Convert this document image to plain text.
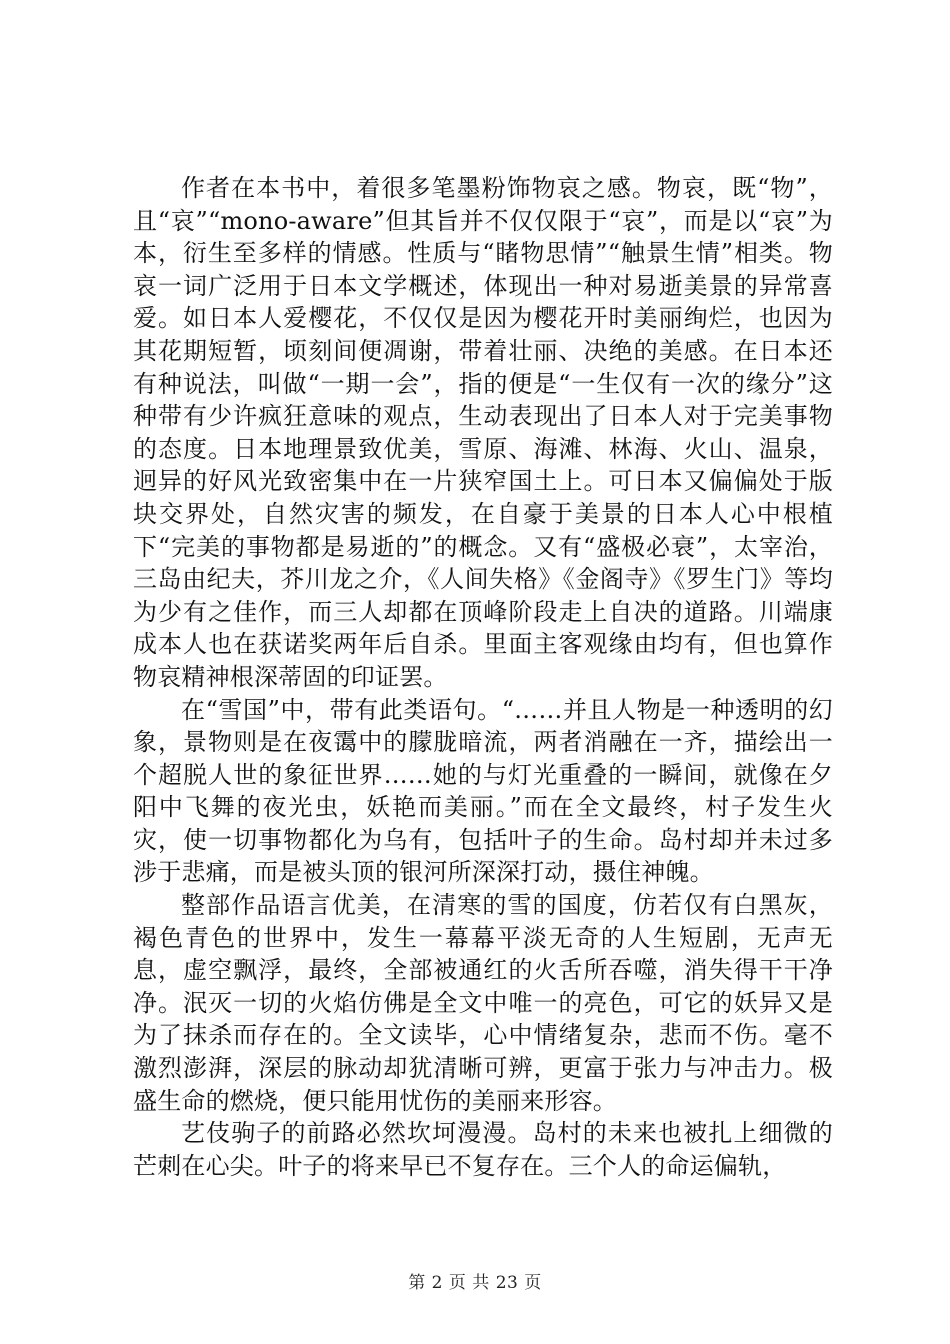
作者在本书中，着很多笔墨粉饰物哀之感。物哀，既“物”，且“哀”“mono-aware”但其旨并不仅仅限于“哀”，而是以“哀”为本，衍生至多样的情感。性质与“睹物思情”“触景生情”相类。物哀一词广泛用于日本文学概述，体现出一种对易逝美景的异常喜爱。如日本人爱樱花，不仅仅是因为樱花开时美丽绚烂，也因为其花期短暂，顷刻间便凋谢，带着壮丽、决绝的美感。在日本还有种说法，叫做“一期一会”，指的便是“一生仅有一次的缘分”这种带有少许疯狂意味的观点，生动表现出了日本人对于完美事物的态度。日本地理景致优美，雪原、海滩、林海、火山、温泉，迥异的好风光致密集中在一片狭窄国土上。可日本又偏偏处于版块交界处，自然灾害的频发，在自豪于美景的日本人心中根植下“完美的事物都是易逝的”的概念。又有“盛极必衰”，太宰治，三岛由纪夫，芥川龙之介，《人间失格》《金阁寺》《罗生门》等均为少有之佳作，而三人却都在顶峰阶段走上自决的道路。川端康成本人也在获诺奖两年后自杀。里面主客观缘由均有，但也算作物哀精神根深蒂固的印证罢。

在“雪国”中，带有此类语句。“……并且人物是一种透明的幻象，景物则是在夜霭中的朦胧暗流，两者消融在一齐，描绘出一个超脱人世的象征世界……她的与灯光重叠的一瞬间，就像在夕阳中飞舞的夜光虫，妖艳而美丽。”而在全文最终，村子发生火灾，使一切事物都化为乌有，包括叶子的生命。岛村却并未过多涉于悲痛，而是被头顶的银河所深深打动，摄住神魄。

整部作品语言优美，在清寒的雪的国度，仿若仅有白黑灰，褐色青色的世界中，发生一幕幕平淡无奇的人生短剧，无声无息，虚空飘浮，最终，全部被通红的火舌所吞噬，消失得干干净净。泯灭一切的火焰仿佛是全文中唯一的亮色，可它的妖异又是为了抹杀而存在的。全文读毕，心中情绪复杂，悲而不伤。毫不激烈澎湃，深层的脉动却犹清晰可辨，更富于张力与冲击力。极盛生命的燃烧，便只能用忧伤的美丽来形容。

艺伎驹子的前路必然坎坷漫漫。岛村的未来也被扎上细微的芒刺在心尖。叶子的将来早已不复存在。三个人的命运偏轨，

第 2 页 共 23 页
